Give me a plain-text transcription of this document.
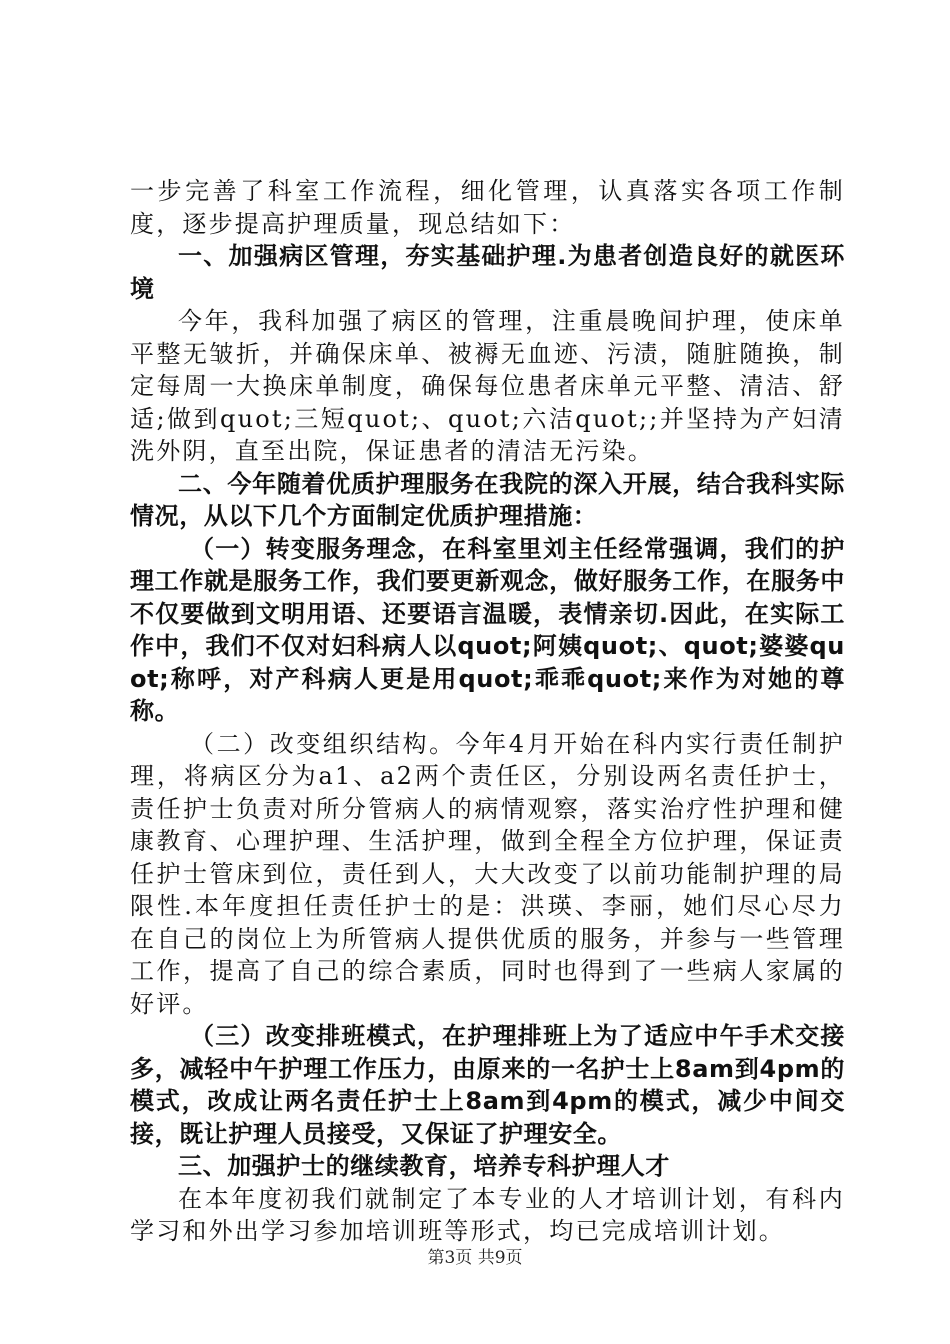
一步完善了科室工作流程，细化管理，认真落实各项工作制度，逐步提高护理质量，现总结如下：

一、加强病区管理，夯实基础护理.为患者创造良好的就医环境

今年，我科加强了病区的管理，注重晨晚间护理，使床单平整无皱折，并确保床单、被褥无血迹、污渍，随脏随换，制定每周一大换床单制度，确保每位患者床单元平整、清洁、舒适;做到quot;三短quot;、quot;六洁quot;;并坚持为产妇清洗外阴，直至出院，保证患者的清洁无污染。

二、今年随着优质护理服务在我院的深入开展，结合我科实际情况，从以下几个方面制定优质护理措施：

（一）转变服务理念，在科室里刘主任经常强调，我们的护理工作就是服务工作，我们要更新观念，做好服务工作，在服务中不仅要做到文明用语、还要语言温暖，表情亲切.因此，在实际工作中，我们不仅对妇科病人以quot;阿姨quot;、quot;婆婆quot;称呼，对产科病人更是用quot;乖乖quot;来作为对她的尊称。

（二）改变组织结构。今年4月开始在科内实行责任制护理，将病区分为a1、a2两个责任区，分别设两名责任护士，责任护士负责对所分管病人的病情观察，落实治疗性护理和健康教育、心理护理、生活护理，做到全程全方位护理，保证责任护士管床到位，责任到人，大大改变了以前功能制护理的局限性.本年度担任责任护士的是：洪瑛、李丽，她们尽心尽力在自己的岗位上为所管病人提供优质的服务，并参与一些管理工作，提高了自己的综合素质，同时也得到了一些病人家属的好评。

（三）改变排班模式，在护理排班上为了适应中午手术交接多，减轻中午护理工作压力，由原来的一名护士上8am到4pm的模式，改成让两名责任护士上8am到4pm的模式，减少中间交接，既让护理人员接受，又保证了护理安全。

三、加强护士的继续教育，培养专科护理人才

在本年度初我们就制定了本专业的人才培训计划，有科内学习和外出学习参加培训班等形式，均已完成培训计划。

第3页 共9页
